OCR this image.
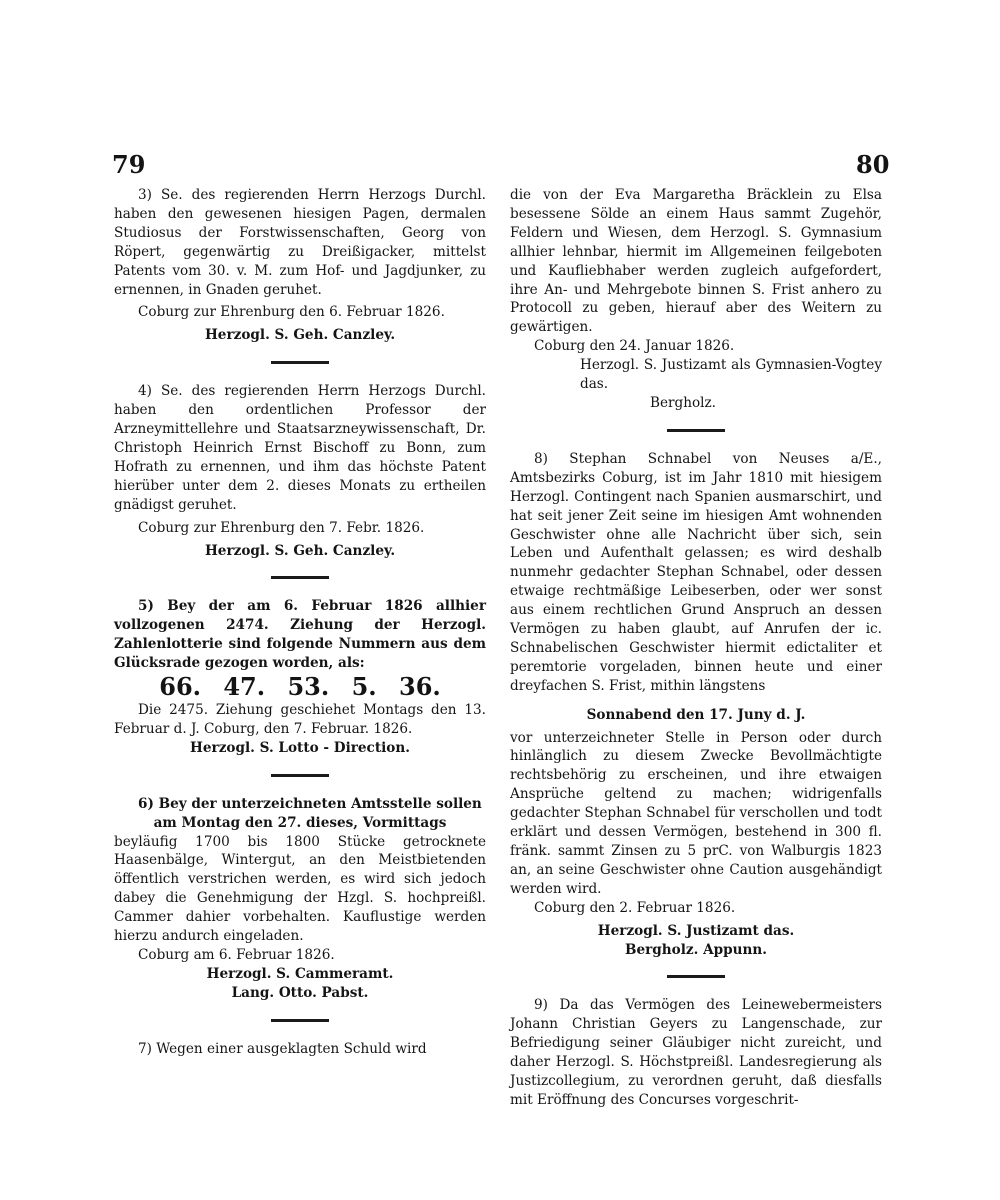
79	80

3) Se. des regierenden Herrn Herzogs Durchl. haben den gewesenen hiesigen Pagen, dermalen Studiosus der Forstwissenschaften, Georg von Röpert, gegenwärtig zu Dreißigacker, mittelst Patents vom 30. v. M. zum Hof- und Jagdjunker, zu ernennen, in Gnaden geruhet.

Coburg zur Ehrenburg den 6. Februar 1826.

Herzogl. S. Geh. Canzley.

4) Se. des regierenden Herrn Herzogs Durchl. haben den ordentlichen Professor der Arzneymittellehre und Staatsarzneywissenschaft, Dr. Christoph Heinrich Ernst Bischoff zu Bonn, zum Hofrath zu ernennen, und ihm das höchste Patent hierüber unter dem 2. dieses Monats zu ertheilen gnädigst geruhet.

Coburg zur Ehrenburg den 7. Febr. 1826.

Herzogl. S. Geh. Canzley.

5) Bey der am 6. Februar 1826 allhier vollzogenen 2474. Ziehung der Herzogl. Zahlenlotterie sind folgende Nummern aus dem Glücksrade gezogen worden, als:

66. 47. 53. 5. 36.

Die 2475. Ziehung geschiehet Montags den 13. Februar d. J. Coburg, den 7. Februar. 1826.

Herzogl. S. Lotto - Direction.

6) Bey der unterzeichneten Amtsstelle sollen

am Montag den 27. dieses, Vormittags

beyläufig 1700 bis 1800 Stücke getrocknete Haasenbälge, Wintergut, an den Meistbietenden öffentlich verstrichen werden, es wird sich jedoch dabey die Genehmigung der Hzgl. S. hochpreißl. Cammer dahier vorbehalten. Kauflustige werden hierzu andurch eingeladen.

Coburg am 6. Februar 1826.

Herzogl. S. Cammeramt.

Lang. Otto. Pabst.

7) Wegen einer ausgeklagten Schuld wird

die von der Eva Margaretha Bräcklein zu Elsa besessene Sölde an einem Haus sammt Zugehör, Feldern und Wiesen, dem Herzogl. S. Gymnasium allhier lehnbar, hiermit im Allgemeinen feilgeboten und Kaufliebhaber werden zugleich aufgefordert, ihre An- und Mehrgebote binnen S. Frist anhero zu Protocoll zu geben, hierauf aber des Weitern zu gewärtigen.

Coburg den 24. Januar 1826.

Herzogl. S. Justizamt als Gymnasien-Vogtey das.

Bergholz.

8) Stephan Schnabel von Neuses a/E., Amtsbezirks Coburg, ist im Jahr 1810 mit hiesigem Herzogl. Contingent nach Spanien ausmarschirt, und hat seit jener Zeit seine im hiesigen Amt wohnenden Geschwister ohne alle Nachricht über sich, sein Leben und Aufenthalt gelassen; es wird deshalb nunmehr gedachter Stephan Schnabel, oder dessen etwaige rechtmäßige Leibeserben, oder wer sonst aus einem rechtlichen Grund Anspruch an dessen Vermögen zu haben glaubt, auf Anrufen der ic. Schnabelischen Geschwister hiermit edictaliter et peremtorie vorgeladen, binnen heute und einer dreyfachen S. Frist, mithin längstens

Sonnabend den 17. Juny d. J.

vor unterzeichneter Stelle in Person oder durch hinlänglich zu diesem Zwecke Bevollmächtigte rechtsbehörig zu erscheinen, und ihre etwaigen Ansprüche geltend zu machen; widrigenfalls gedachter Stephan Schnabel für verschollen und todt erklärt und dessen Vermögen, bestehend in 300 fl. fränk. sammt Zinsen zu 5 prC. von Walburgis 1823 an, an seine Geschwister ohne Caution ausgehändigt werden wird.

Coburg den 2. Februar 1826.

Herzogl. S. Justizamt das.

Bergholz. Appunn.

9) Da das Vermögen des Leinewebermeisters Johann Christian Geyers zu Langenschade, zur Befriedigung seiner Gläubiger nicht zureicht, und daher Herzogl. S. Höchstpreißl. Landesregierung als Justizcollegium, zu verordnen geruht, daß diesfalls mit Eröffnung des Concurses vorgeschrit-
